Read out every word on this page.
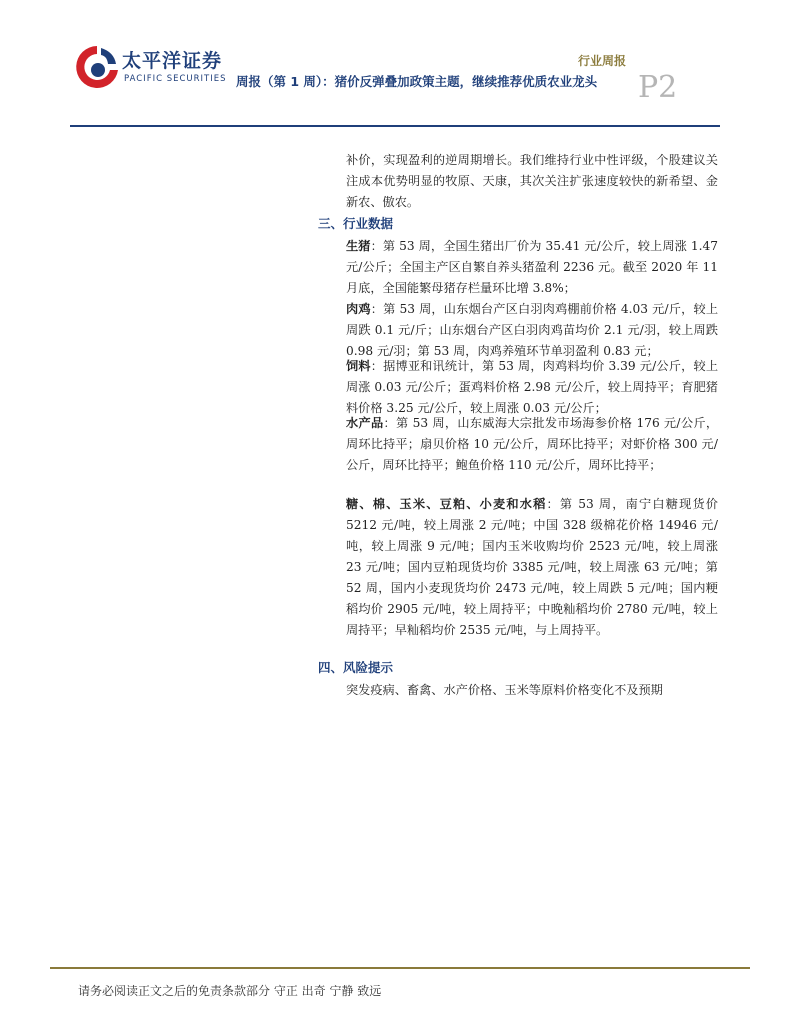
太平洋证券
PACIFIC SECURITIES
行业周报
周报（第 1 周）：猪价反弹叠加政策主题，继续推荐优质农业龙头 P2

补价，实现盈利的逆周期增长。我们维持行业中性评级，个股建议关注成本优势明显的牧原、天康，其次关注扩张速度较快的新希望、金新农、傲农。

三、行业数据
生猪：第 53 周，全国生猪出厂价为 35.41 元/公斤，较上周涨 1.47 元/公斤；全国主产区自繁自养头猪盈利 2236 元。截至 2020 年 11 月底，全国能繁母猪存栏量环比增 3.8%；
肉鸡：第 53 周，山东烟台产区白羽肉鸡棚前价格 4.03 元/斤，较上周跌 0.1 元/斤；山东烟台产区白羽肉鸡苗均价 2.1 元/羽，较上周跌 0.98 元/羽；第 53 周，肉鸡养殖环节单羽盈利 0.83 元；
饲料：据博亚和讯统计，第 53 周，肉鸡料均价 3.39 元/公斤，较上周涨 0.03 元/公斤；蛋鸡料价格 2.98 元/公斤，较上周持平；育肥猪料价格 3.25 元/公斤，较上周涨 0.03 元/公斤；
水产品：第 53 周，山东威海大宗批发市场海参价格 176 元/公斤，周环比持平；扇贝价格 10 元/公斤，周环比持平；对虾价格 300 元/公斤，周环比持平；鲍鱼价格 110 元/公斤，周环比持平；
糖、棉、玉米、豆粕、小麦和水稻：第 53 周，南宁白糖现货价 5212 元/吨，较上周涨 2 元/吨；中国 328 级棉花价格 14946 元/吨，较上周涨 9 元/吨；国内玉米收购均价 2523 元/吨，较上周涨 23 元/吨；国内豆粕现货均价 3385 元/吨，较上周涨 63 元/吨；第 52 周，国内小麦现货均价 2473 元/吨，较上周跌 5 元/吨；国内粳稻均价 2905 元/吨，较上周持平；中晚籼稻均价 2780 元/吨，较上周持平；早籼稻均价 2535 元/吨，与上周持平。
四、风险提示
突发疫病、畜禽、水产价格、玉米等原料价格变化不及预期
请务必阅读正文之后的免责条款部分 守正 出奇 宁静 致远
